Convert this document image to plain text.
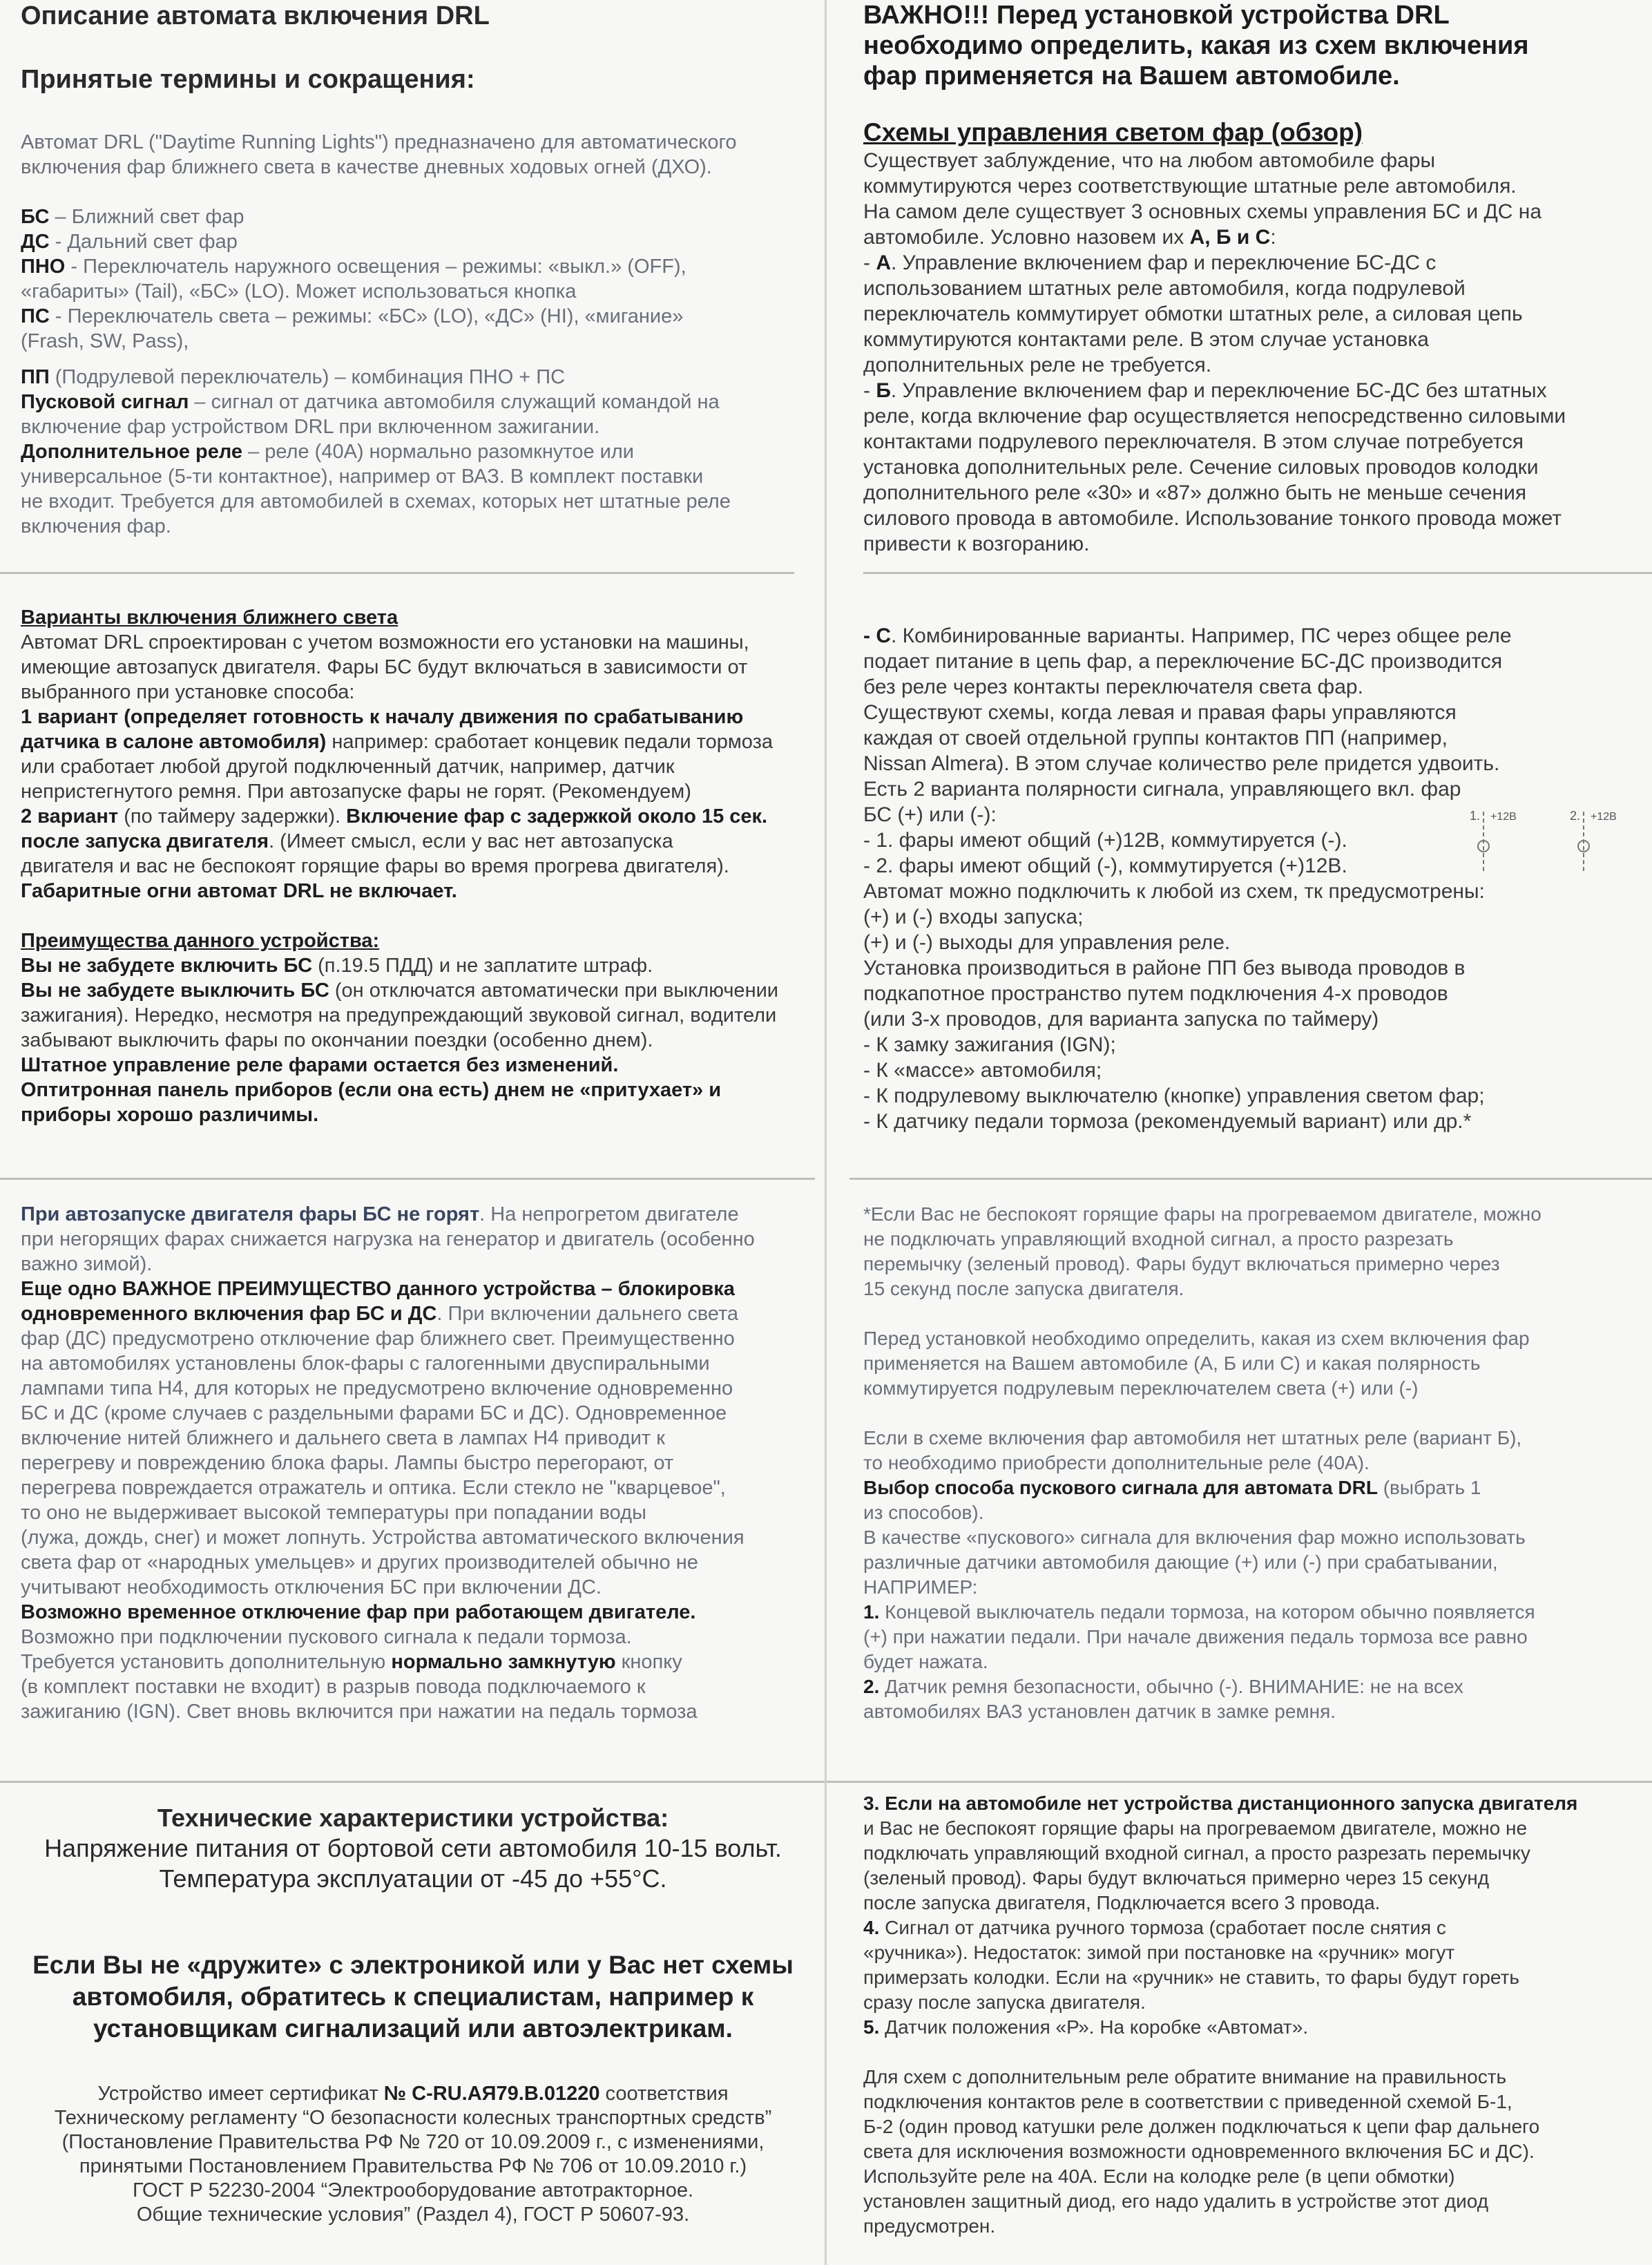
Описание автомата включения DRL
Принятые термины и сокращения:
Автомат DRL ("Daytime Running Lights") предназначено для автоматического
включения фар ближнего света в качестве дневных ходовых огней (ДХО).
БС – Ближний свет фар
ДС - Дальний свет фар
ПНО - Переключатель наружного освещения – режимы: «выкл.» (OFF),
«габариты» (Tail), «БС» (LO). Может использоваться кнопка
ПС - Переключатель света – режимы: «БС» (LO), «ДС» (HI), «мигание»
(Frash, SW, Pass),
ПП (Подрулевой переключатель) – комбинация ПНО + ПС
Пусковой сигнал – сигнал от датчика автомобиля служащий командой на
включение фар устройством DRL при включенном зажигании.
Дополнительное реле – реле (40А) нормально разомкнутое или
универсальное (5-ти контактное), например от ВАЗ. В комплект поставки
не входит. Требуется для автомобилей в схемах, которых нет штатные реле
включения фар.
ВАЖНО!!! Перед установкой устройства DRL
необходимо определить, какая из схем включения
фар применяется на Вашем автомобиле.
Схемы управления светом фар (обзор)
Существует заблуждение, что на любом автомобиле фары
коммутируются через соответствующие штатные реле автомобиля.
На самом деле существует 3 основных схемы управления БС и ДС на
автомобиле. Условно назовем их А, Б и С:
- А. Управление включением фар и переключение БС-ДС с
использованием штатных реле автомобиля, когда подрулевой
переключатель коммутирует обмотки штатных реле, а силовая цепь
коммутируются контактами реле. В этом случае установка
дополнительных реле не требуется.
- Б. Управление включением фар и переключение БС-ДС без штатных
реле, когда включение фар осуществляется непосредственно силовыми
контактами подрулевого переключателя. В этом случае потребуется
установка дополнительных реле. Сечение силовых проводов колодки
дополнительного реле «30» и «87» должно быть не меньше сечения
силового провода в автомобиле. Использование тонкого провода может
привести к возгоранию.
Варианты включения ближнего света
Автомат DRL спроектирован с учетом возможности его установки на машины,
имеющие автозапуск двигателя. Фары БС будут включаться в зависимости от
выбранного при установке способа:
1 вариант (определяет готовность к началу движения по срабатыванию
датчика в салоне автомобиля) например: сработает концевик педали тормоза
или сработает любой другой подключенный датчик, например, датчик
непристегнутого ремня. При автозапуске фары не горят. (Рекомендуем)
2 вариант (по таймеру задержки). Включение фар с задержкой около 15 сек.
после запуска двигателя. (Имеет смысл, если у вас нет автозапуска
двигателя и вас не беспокоят горящие фары во время прогрева двигателя).
Габаритные огни автомат DRL не включает.
Преимущества данного устройства:
Вы не забудете включить БС (п.19.5 ПДД) и не заплатите штраф.
Вы не забудете выключить БС (он отключатся автоматически при выключении
зажигания). Нередко, несмотря на предупреждающий звуковой сигнал, водители
забывают выключить фары по окончании поездки (особенно днем).
Штатное управление реле фарами остается без изменений.
Оптитронная панель приборов (если она есть) днем не «притухает» и
приборы хорошо различимы.
- С. Комбинированные варианты. Например, ПС через общее реле
подает питание в цепь фар, а переключение БС-ДС производится
без реле через контакты переключателя света фар.
Существуют схемы, когда левая и правая фары управляются
каждая от своей отдельной группы контактов ПП (например,
Nissan Almera). В этом случае количество реле придется удвоить.
Есть 2 варианта полярности сигнала, управляющего вкл. фар
БС (+) или (-):
- 1. фары имеют общий (+)12В, коммутируется (-).
- 2. фары имеют общий (-), коммутируется (+)12В.
Автомат можно подключить к любой из схем, тк предусмотрены:
(+) и (-) входы запуска;
(+) и (-) выходы для управления реле.
Установка производиться в районе ПП без вывода проводов в
подкапотное пространство путем подключения 4-х проводов
(или 3-х проводов, для варианта запуска по таймеру)
- К замку зажигания (IGN);
- К «массе» автомобиля;
- К подрулевому выключателю (кнопке) управления светом фар;
- К датчику педали тормоза (рекомендуемый вариант) или др.*
1. +12В	2. +12В
При автозапуске двигателя фары БС не горят. На непрогретом двигателе
при негорящих фарах снижается нагрузка на генератор и двигатель (особенно
важно зимой).
Еще одно ВАЖНОЕ ПРЕИМУЩЕСТВО данного устройства – блокировка
одновременного включения фар БС и ДС. При включении дальнего света
фар (ДС) предусмотрено отключение фар ближнего свет. Преимущественно
на автомобилях установлены блок-фары с галогенными двуспиральными
лампами типа Н4, для которых не предусмотрено включение одновременно
БС и ДС (кроме случаев с раздельными фарами БС и ДС). Одновременное
включение нитей ближнего и дальнего света в лампах Н4 приводит к
перегреву и повреждению блока фары. Лампы быстро перегорают, от
перегрева повреждается отражатель и оптика. Если стекло не "кварцевое",
то оно не выдерживает высокой температуры при попадании воды
(лужа, дождь, снег) и может лопнуть. Устройства автоматического включения
света фар от «народных умельцев» и других производителей обычно не
учитывают необходимость отключения БС при включении ДС.
Возможно временное отключение фар при работающем двигателе.
Возможно при подключении пускового сигнала к педали тормоза.
Требуется установить дополнительную нормально замкнутую кнопку
(в комплект поставки не входит) в разрыв повода подключаемого к
зажиганию (IGN). Свет вновь включится при нажатии на педаль тормоза
*Если Вас не беспокоят горящие фары на прогреваемом двигателе, можно
не подключать управляющий входной сигнал, а просто разрезать
перемычку (зеленый провод). Фары будут включаться примерно через
15 секунд после запуска двигателя.
Перед установкой необходимо определить, какая из схем включения фар
применяется на Вашем автомобиле (А, Б или С) и какая полярность
коммутируется подрулевым переключателем света (+) или (-)
Если в схеме включения фар автомобиля нет штатных реле (вариант Б),
то необходимо приобрести дополнительные реле (40А).
Выбор способа пускового сигнала для автомата DRL (выбрать 1
из способов).
В качестве «пускового» сигнала для включения фар можно использовать
различные датчики автомобиля дающие (+) или (-) при срабатывании,
НАПРИМЕР:
1. Концевой выключатель педали тормоза, на котором обычно появляется
(+) при нажатии педали. При начале движения педаль тормоза все равно
будет нажата.
2. Датчик ремня безопасности, обычно (-). ВНИМАНИЕ: не на всех
автомобилях ВАЗ установлен датчик в замке ремня.
Технические характеристики устройства:
Напряжение питания от бортовой сети автомобиля 10-15 вольт.
Температура эксплуатации от -45 до +55°С.
Если Вы не «дружите» с электроникой или у Вас нет схемы
автомобиля, обратитесь к специалистам, например к
установщикам сигнализаций или автоэлектрикам.
Устройство имеет сертификат № C-RU.АЯ79.В.01220 соответствия
Техническому регламенту “О безопасности колесных транспортных средств”
(Постановление Правительства РФ № 720 от 10.09.2009 г., с изменениями,
принятыми Постановлением Правительства РФ № 706 от 10.09.2010 г.)
ГОСТ Р 52230-2004 “Электрооборудование автотракторное.
Общие технические условия” (Раздел 4), ГОСТ Р 50607-93.
3. Если на автомобиле нет устройства дистанционного запуска двигателя
и Вас не беспокоят горящие фары на прогреваемом двигателе, можно не
подключать управляющий входной сигнал, а просто разрезать перемычку
(зеленый провод). Фары будут включаться примерно через 15 секунд
после запуска двигателя, Подключается всего 3 провода.
4. Сигнал от датчика ручного тормоза (сработает после снятия с
«ручника»). Недостаток: зимой при постановке на «ручник» могут
примерзать колодки. Если на «ручник» не ставить, то фары будут гореть
сразу после запуска двигателя.
5. Датчик положения «Р». На коробке «Автомат».
Для схем с дополнительным реле обратите внимание на правильность
подключения контактов реле в соответствии с приведенной схемой Б-1,
Б-2 (один провод катушки реле должен подключаться к цепи фар дальнего
света для исключения возможности одновременного включения БС и ДС).
Используйте реле на 40А. Если на колодке реле (в цепи обмотки)
установлен защитный диод, его надо удалить в устройстве этот диод
предусмотрен.
